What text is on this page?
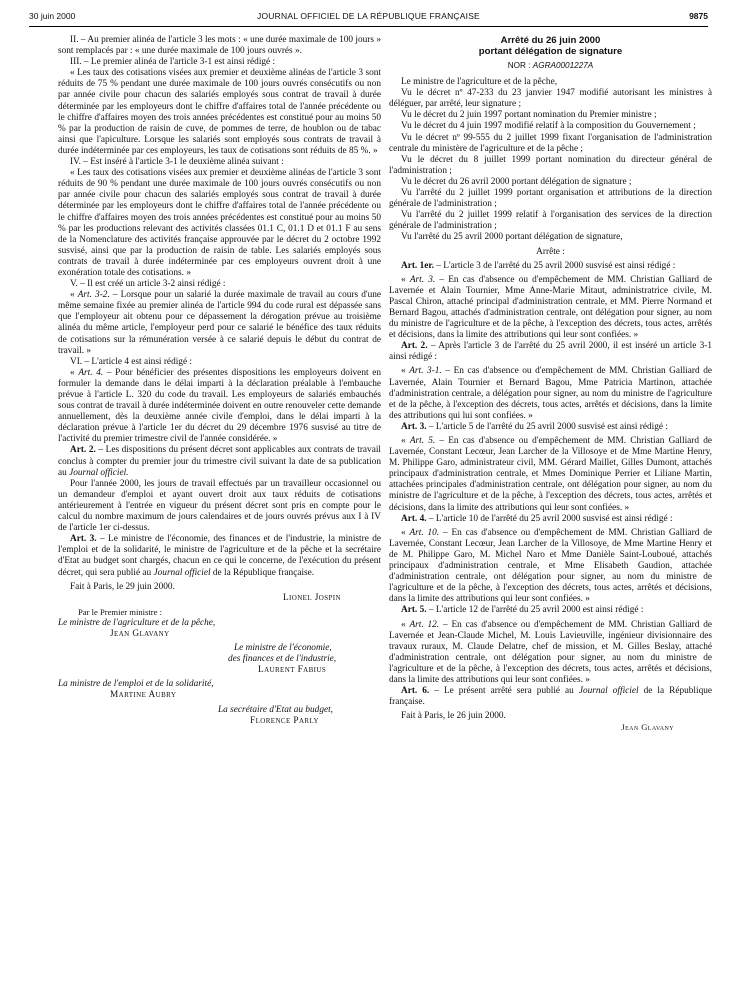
30 juin 2000	JOURNAL OFFICIEL DE LA RÉPUBLIQUE FRANÇAISE	9875

II. – Au premier alinéa de l'article 3 les mots : « une durée maximale de 100 jours » sont remplacés par : « une durée maximale de 100 jours ouvrés ».

III. – Le premier alinéa de l'article 3-1 est ainsi rédigé :

« Les taux des cotisations visées aux premier et deuxième alinéas de l'article 3 sont réduits de 75 % pendant une durée maximale de 100 jours ouvrés consécutifs ou non par année civile pour chacun des salariés employés sous contrat de travail à durée déterminée par les employeurs dont le chiffre d'affaires total de l'année précédente ou le chiffre d'affaires moyen des trois années précédentes est constitué pour au moins 50 % par la production de raisin de cuve, de pommes de terre, de houblon ou de tabac ainsi que l'apiculture. Lorsque les salariés sont employés sous contrats de travail à durée indéterminée par ces employeurs, les taux de cotisations sont réduits de 85 %. »

IV. – Est inséré à l'article 3-1 le deuxième alinéa suivant :

« Les taux des cotisations visées aux premier et deuxième alinéas de l'article 3 sont réduits de 90 % pendant une durée maximale de 100 jours ouvrés consécutifs ou non par année civile pour chacun des salariés employés sous contrat de travail à durée déterminée par les employeurs dont le chiffre d'affaires total de l'année précédente ou le chiffre d'affaires moyen des trois années précédentes est constitué pour au moins 50 % par les productions relevant des activités classées 01.1 C, 01.1 D et 01.1 F au sens de la Nomenclature des activités française approuvée par le décret du 2 octobre 1992 susvisé, ainsi que par la production de raisin de table. Les salariés employés sous contrats de travail à durée indéterminée par ces employeurs ouvrent droit à une exonération totale des cotisations. »

V. – Il est créé un article 3-2 ainsi rédigé :

« Art. 3-2. – Lorsque pour un salarié la durée maximale de travail au cours d'une même semaine fixée au premier alinéa de l'article 994 du code rural est dépassée sans que l'employeur ait obtenu pour ce dépassement la dérogation prévue au troisième alinéa du même article, l'employeur perd pour ce salarié le bénéfice des taux réduits de cotisations sur la rémunération versée à ce salarié depuis le début du contrat de travail. »

VI. – L'article 4 est ainsi rédigé :

« Art. 4. – Pour bénéficier des présentes dispositions les employeurs doivent en formuler la demande dans le délai imparti à la déclaration préalable à l'embauche prévue à l'article L. 320 du code du travail. Les employeurs de salariés embauchés sous contrat de travail à durée indéterminée doivent en outre renouveler cette demande annuellement, dès la deuxième année civile d'emploi, dans le délai imparti à la déclaration prévue à l'article 1er du décret du 29 décembre 1976 susvisé au titre de l'activité du premier trimestre civil de l'année considérée. »

Art. 2. – Les dispositions du présent décret sont applicables aux contrats de travail conclus à compter du premier jour du trimestre civil suivant la date de sa publication au Journal officiel.

Pour l'année 2000, les jours de travail effectués par un travailleur occasionnel ou un demandeur d'emploi et ayant ouvert droit aux taux réduits de cotisations antérieurement à l'entrée en vigueur du présent décret sont pris en compte pour le calcul du nombre maximum de jours calendaires et de jours ouvrés prévus aux I à IV de l'article 1er ci-dessus.

Art. 3. – Le ministre de l'économie, des finances et de l'industrie, la ministre de l'emploi et de la solidarité, le ministre de l'agriculture et de la pêche et la secrétaire d'Etat au budget sont chargés, chacun en ce qui le concerne, de l'exécution du présent décret, qui sera publié au Journal officiel de la République française.

Fait à Paris, le 29 juin 2000.

Lionel Jospin

Par le Premier ministre :

Le ministre de l'agriculture et de la pêche,

Jean Glavany

Le ministre de l'économie,

des finances et de l'industrie,

Laurent Fabius

La ministre de l'emploi et de la solidarité,

Martine Aubry

La secrétaire d'Etat au budget,

Florence Parly

Arrêté du 26 juin 2000
portant délégation de signature
NOR : AGRA0001227A

Le ministre de l'agriculture et de la pêche,

Vu le décret nº 47-233 du 23 janvier 1947 modifié autorisant les ministres à déléguer, par arrêté, leur signature ;

Vu le décret du 2 juin 1997 portant nomination du Premier ministre ;

Vu le décret du 4 juin 1997 modifié relatif à la composition du Gouvernement ;

Vu le décret nº 99-555 du 2 juillet 1999 fixant l'organisation de l'administration centrale du ministère de l'agriculture et de la pêche ;

Vu le décret du 8 juillet 1999 portant nomination du directeur général de l'administration ;

Vu le décret du 26 avril 2000 portant délégation de signature ;

Vu l'arrêté du 2 juillet 1999 portant organisation et attributions de la direction générale de l'administration ;

Vu l'arrêté du 2 juillet 1999 relatif à l'organisation des services de la direction générale de l'administration ;

Vu l'arrêté du 25 avril 2000 portant délégation de signature,

Arrête :

Art. 1er. – L'article 3 de l'arrêté du 25 avril 2000 susvisé est ainsi rédigé :

« Art. 3. – En cas d'absence ou d'empêchement de MM. Christian Galliard de Lavernée et Alain Tournier, Mme Anne-Marie Mitaut, administratrice civile, M. Pascal Chiron, attaché principal d'administration centrale, et MM. Pierre Normand et Bernard Bagou, attachés d'administration centrale, ont délégation pour signer, au nom du ministre de l'agriculture et de la pêche, à l'exception des décrets, tous actes, arrêtés et décisions, dans la limite des attributions qui leur sont confiées. »

Art. 2. – Après l'article 3 de l'arrêté du 25 avril 2000, il est inséré un article 3-1 ainsi rédigé :

« Art. 3-1. – En cas d'absence ou d'empêchement de MM. Christian Galliard de Lavernée, Alain Tournier et Bernard Bagou, Mme Patricia Martinon, attachée d'administration centrale, a délégation pour signer, au nom du ministre de l'agriculture et de la pêche, à l'exception des décrets, tous actes, arrêtés et décisions, dans la limite des attributions qui lui sont confiées. »

Art. 3. – L'article 5 de l'arrêté du 25 avril 2000 susvisé est ainsi rédigé :

« Art. 5. – En cas d'absence ou d'empêchement de MM. Christian Galliard de Lavernée, Constant Lecœur, Jean Larcher de la Villosoye et de Mme Martine Henry, M. Philippe Garo, administrateur civil, MM. Gérard Maillet, Gilles Dumont, attachés principaux d'administration centrale, et Mmes Dominique Perrier et Liliane Martin, attachées principales d'administration centrale, ont délégation pour signer, au nom du ministre de l'agriculture et de la pêche, à l'exception des décrets, tous actes, arrêtés et décisions, dans la limite des attributions qui leur sont confiées. »

Art. 4. – L'article 10 de l'arrêté du 25 avril 2000 susvisé est ainsi rédigé :

« Art. 10. – En cas d'absence ou d'empêchement de MM. Christian Galliard de Lavernée, Constant Lecœur, Jean Larcher de la Villosoye, de Mme Martine Henry et de M. Philippe Garo, M. Michel Naro et Mme Danièle Saint-Louboué, attachés principaux d'administration centrale, et Mme Elisabeth Gaudion, attachée d'administration centrale, ont délégation pour signer, au nom du ministre de l'agriculture et de la pêche, à l'exception des décrets, tous actes, arrêtés et décisions, dans la limite des attributions qui leur sont confiées. »

Art. 5. – L'article 12 de l'arrêté du 25 avril 2000 est ainsi rédigé :

« Art. 12. – En cas d'absence ou d'empêchement de MM. Christian Galliard de Lavernée et Jean-Claude Michel, M. Louis Lavieuville, ingénieur divisionnaire des travaux ruraux, M. Claude Delatre, chef de mission, et M. Gilles Beslay, attaché d'administration centrale, ont délégation pour signer, au nom du ministre de l'agriculture et de la pêche, à l'exception des décrets, tous actes, arrêtés et décisions, dans la limite des attributions qui leur sont confiées. »

Art. 6. – Le présent arrêté sera publié au Journal officiel de la République française.

Fait à Paris, le 26 juin 2000.

Jean Glavany
